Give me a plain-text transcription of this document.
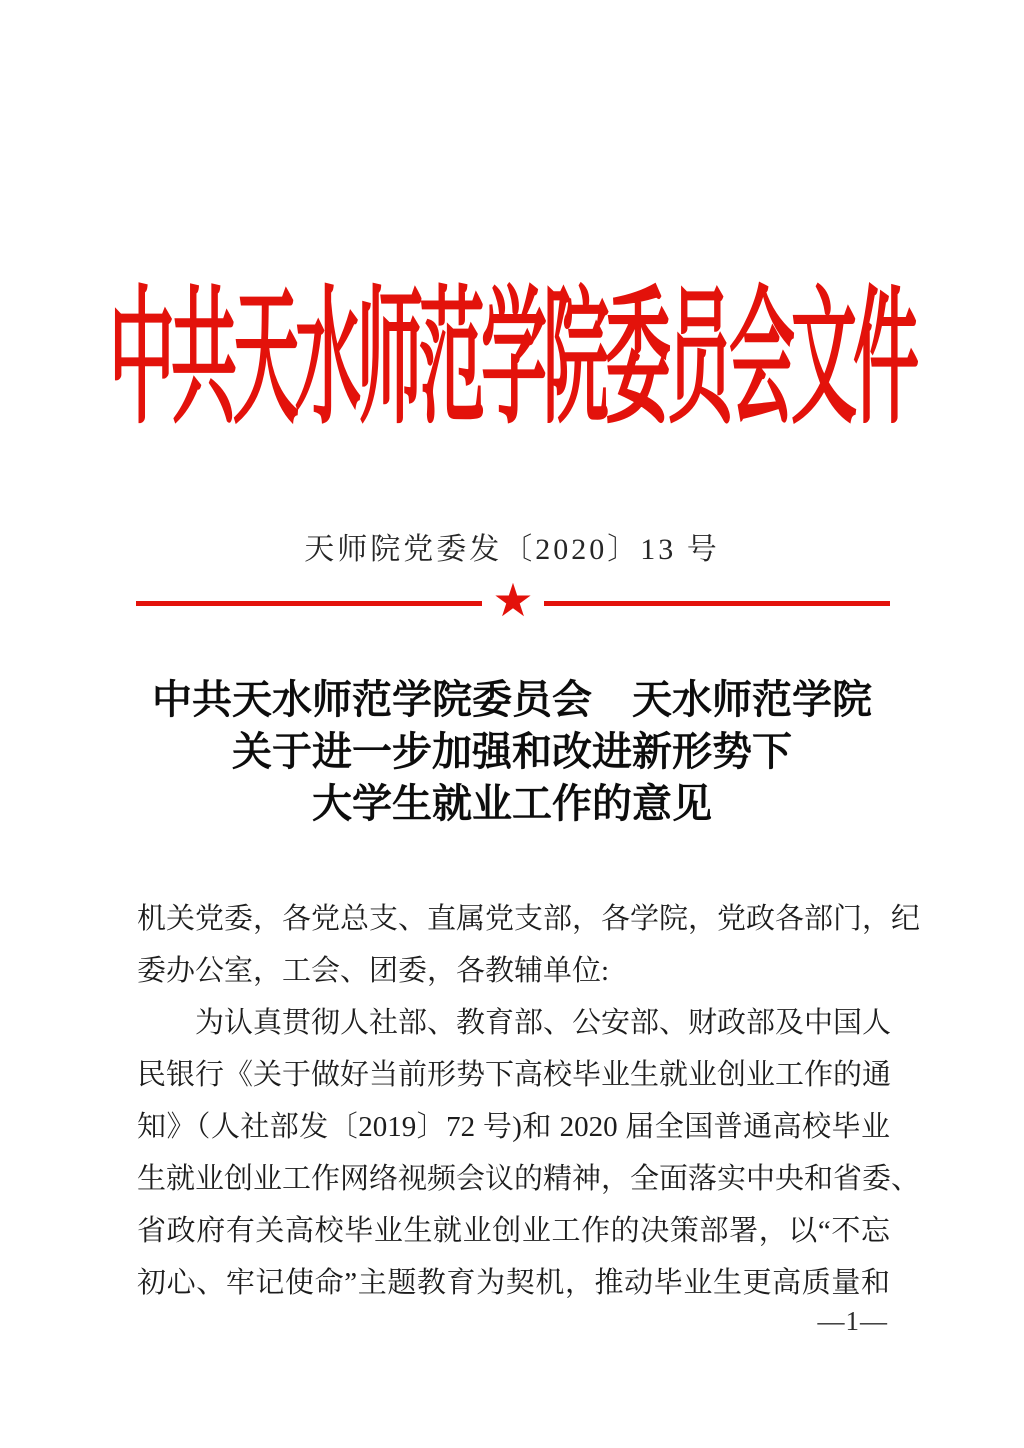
中共天水师范学院委员会文件
天师院党委发〔2020〕13 号
★
中共天水师范学院委员会　天水师范学院
关于进一步加强和改进新形势下
大学生就业工作的意见
机关党委，各党总支、直属党支部，各学院，党政各部门，纪
委办公室，工会、团委，各教辅单位:
为认真贯彻人社部、教育部、公安部、财政部及中国人
民银行《关于做好当前形势下高校毕业生就业创业工作的通
知》（人社部发〔2019〕72 号)和 2020 届全国普通高校毕业
生就业创业工作网络视频会议的精神，全面落实中央和省委、
省政府有关高校毕业生就业创业工作的决策部署，以“不忘
初心、牢记使命”主题教育为契机，推动毕业生更高质量和
—1—
